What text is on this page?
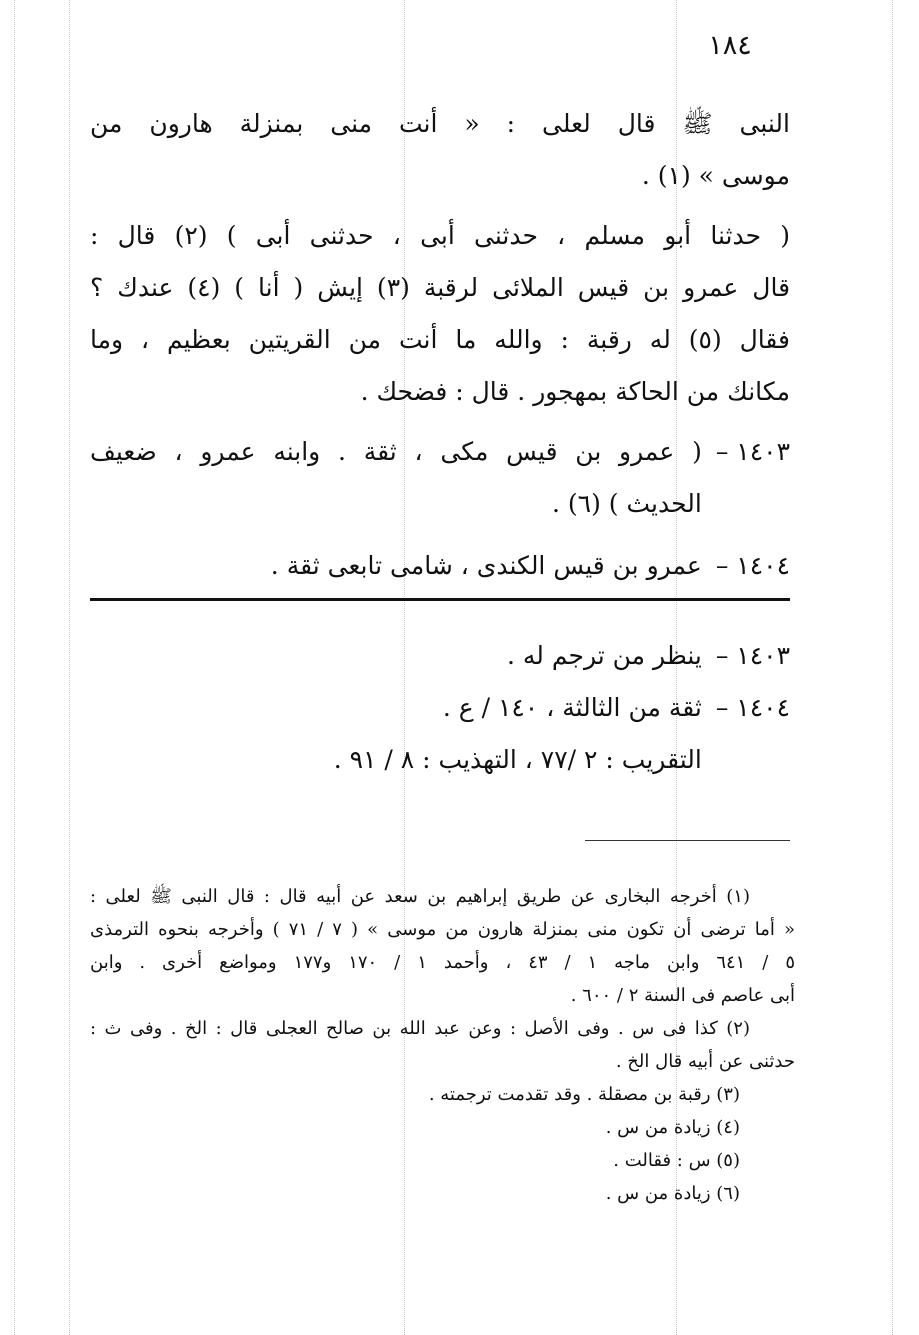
١٨٤

النبى ﷺ قال لعلى : « أنت منى بمنزلة هارون من
موسى » (١) .

( حدثنا أبو مسلم ، حدثنى أبى ، حدثنى أبى ) (٢) قال :
قال عمرو بن قيس الملائى لرقبة (٣) إيش ( أنا ) (٤) عندك ؟
فقال (٥) له رقبة : والله ما أنت من القريتين بعظيم ، وما
مكانك من الحاكة بمهجور . قال : فضحك .

١٤٠٣ –
( عمرو بن قيس مكى ، ثقة . وابنه عمرو ، ضعيف
الحديث ) (٦) .
١٤٠٤ –
عمرو بن قيس الكندى ، شامى تابعى ثقة .
١٤٠٣ –
ينظر من ترجم له .
١٤٠٤ –
ثقة من الثالثة ، ١٤٠ / ع .
التقريب : ٢ /٧٧ ، التهذيب : ٨ / ٩١ .
(١) أخرجه البخارى عن طريق إبراهيم بن سعد عن أبيه قال : قال النبى ﷺ لعلى :
« أما ترضى أن تكون منى بمنزلة هارون من موسى » ( ٧ / ٧١ ) وأخرجه بنحوه الترمذى
٥ / ٦٤١ وابن ماجه ١ / ٤٣ ، وأحمد ١ / ١٧٠ و١٧٧ ومواضع أخرى . وابن
أبى عاصم فى السنة ٢ / ٦٠٠ .
(٢) كذا فى س . وفى الأصل : وعن عبد الله بن صالح العجلى قال : الخ . وفى ث :
حدثنى عن أبيه قال الخ .
(٣) رقبة بن مصقلة . وقد تقدمت ترجمته .
(٤) زيادة من س .
(٥) س : فقالت .
(٦) زيادة من س .
